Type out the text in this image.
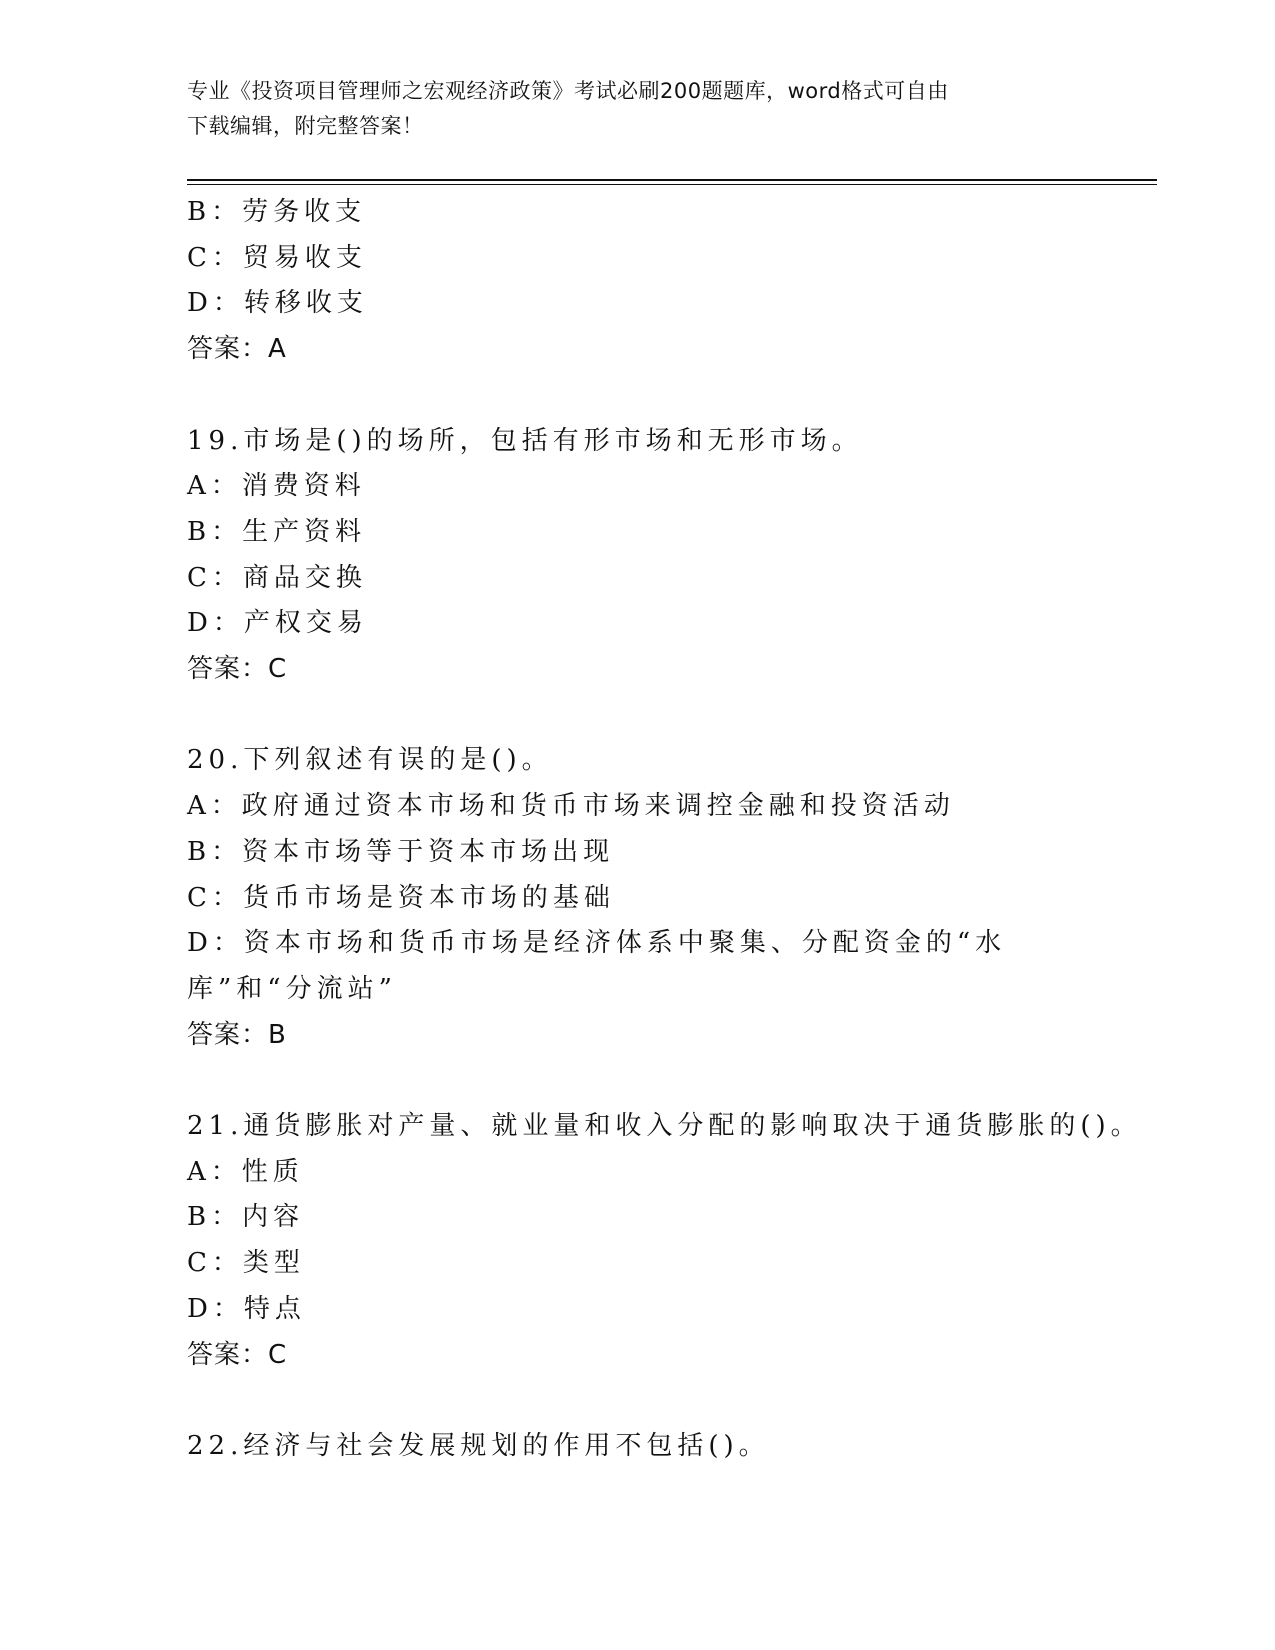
专业《投资项目管理师之宏观经济政策》考试必刷200题题库，word格式可自由
下载编辑，附完整答案！
B：劳务收支
C：贸易收支
D：转移收支
答案：A
19.市场是()的场所，包括有形市场和无形市场。
A：消费资料
B：生产资料
C：商品交换
D：产权交易
答案：C
20.下列叙述有误的是()。
A：政府通过资本市场和货币市场来调控金融和投资活动
B：资本市场等于资本市场出现
C：货币市场是资本市场的基础
D：资本市场和货币市场是经济体系中聚集、分配资金的“水库”和“分流站”
答案：B
21.通货膨胀对产量、就业量和收入分配的影响取决于通货膨胀的()。
A：性质
B：内容
C：类型
D：特点
答案：C
22.经济与社会发展规划的作用不包括()。
